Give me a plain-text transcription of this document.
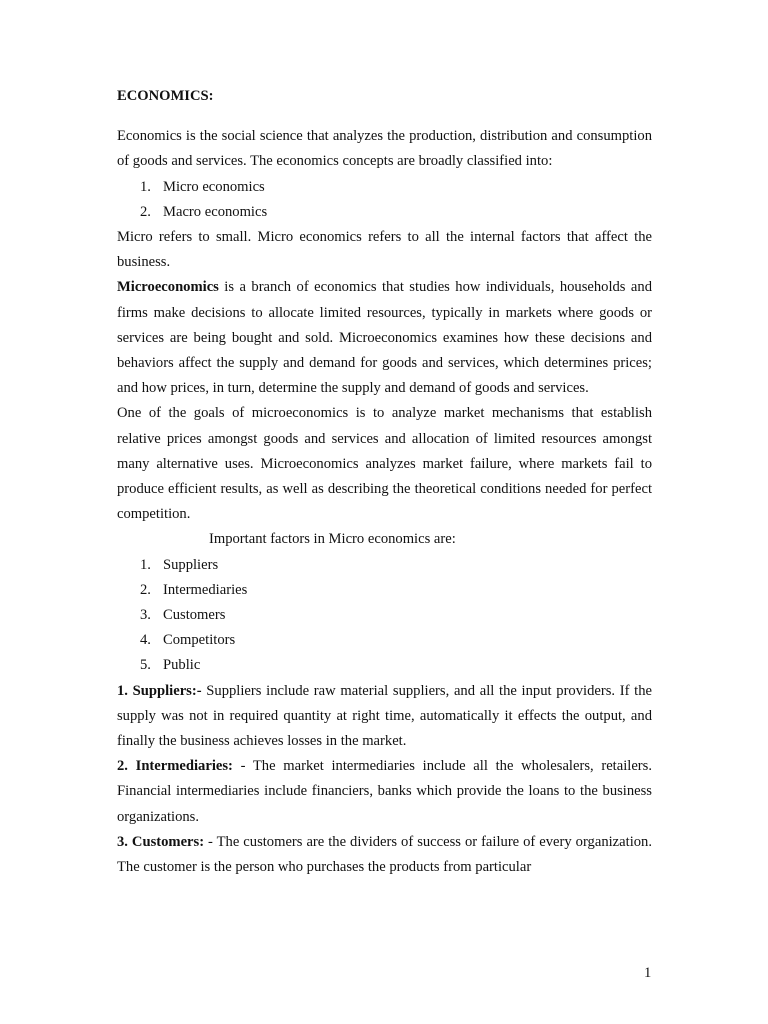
ECONOMICS:

Economics is the social science that analyzes the production, distribution and consumption of goods and services. The economics concepts are broadly classified into:

1. Micro economics
2. Macro economics

Micro refers to small. Micro economics refers to all the internal factors that affect the business.

Microeconomics is a branch of economics that studies how individuals, households and firms make decisions to allocate limited resources, typically in markets where goods or services are being bought and sold. Microeconomics examines how these decisions and behaviors affect the supply and demand for goods and services, which determines prices; and how prices, in turn, determine the supply and demand of goods and services.

One of the goals of microeconomics is to analyze market mechanisms that establish relative prices amongst goods and services and allocation of limited resources amongst many alternative uses. Microeconomics analyzes market failure, where markets fail to produce efficient results, as well as describing the theoretical conditions needed for perfect competition.

Important factors in Micro economics are:

1. Suppliers
2. Intermediaries
3. Customers
4. Competitors
5. Public

1. Suppliers:- Suppliers include raw material suppliers, and all the input providers. If the supply was not in required quantity at right time, automatically it effects the output, and finally the business achieves losses in the market.

2. Intermediaries: - The market intermediaries include all the wholesalers, retailers. Financial intermediaries include financiers, banks which provide the loans to the business organizations.

3. Customers: - The customers are the dividers of success or failure of every organization. The customer is the person who purchases the products from particular

1
